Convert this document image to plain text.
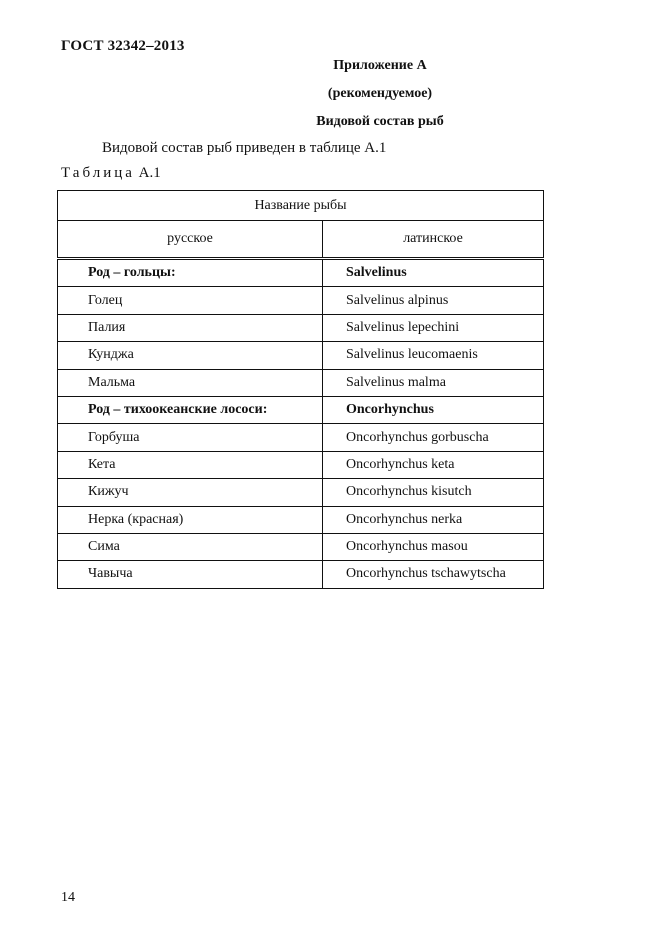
ГОСТ 32342–2013
Приложение А
(рекомендуемое)
Видовой состав рыб
Видовой состав рыб приведен в таблице А.1
Таблица А.1
Название рыбы	
русское	латинское
Род – гольцы:	Salvelinus
Голец	Salvelinus alpinus
Палия	Salvelinus lepechini
Кунджа	Salvelinus leucomaenis
Мальма	Salvelinus malma
Род – тихоокеанские лососи:	Oncorhynchus
Горбуша	Oncorhynchus gorbuscha
Кета	Oncorhynchus keta
Кижуч	Oncorhynchus kisutch
Нерка (красная)	Oncorhynchus nerka
Сима	Oncorhynchus masou
Чавыча	Oncorhynchus tschawytscha
14
